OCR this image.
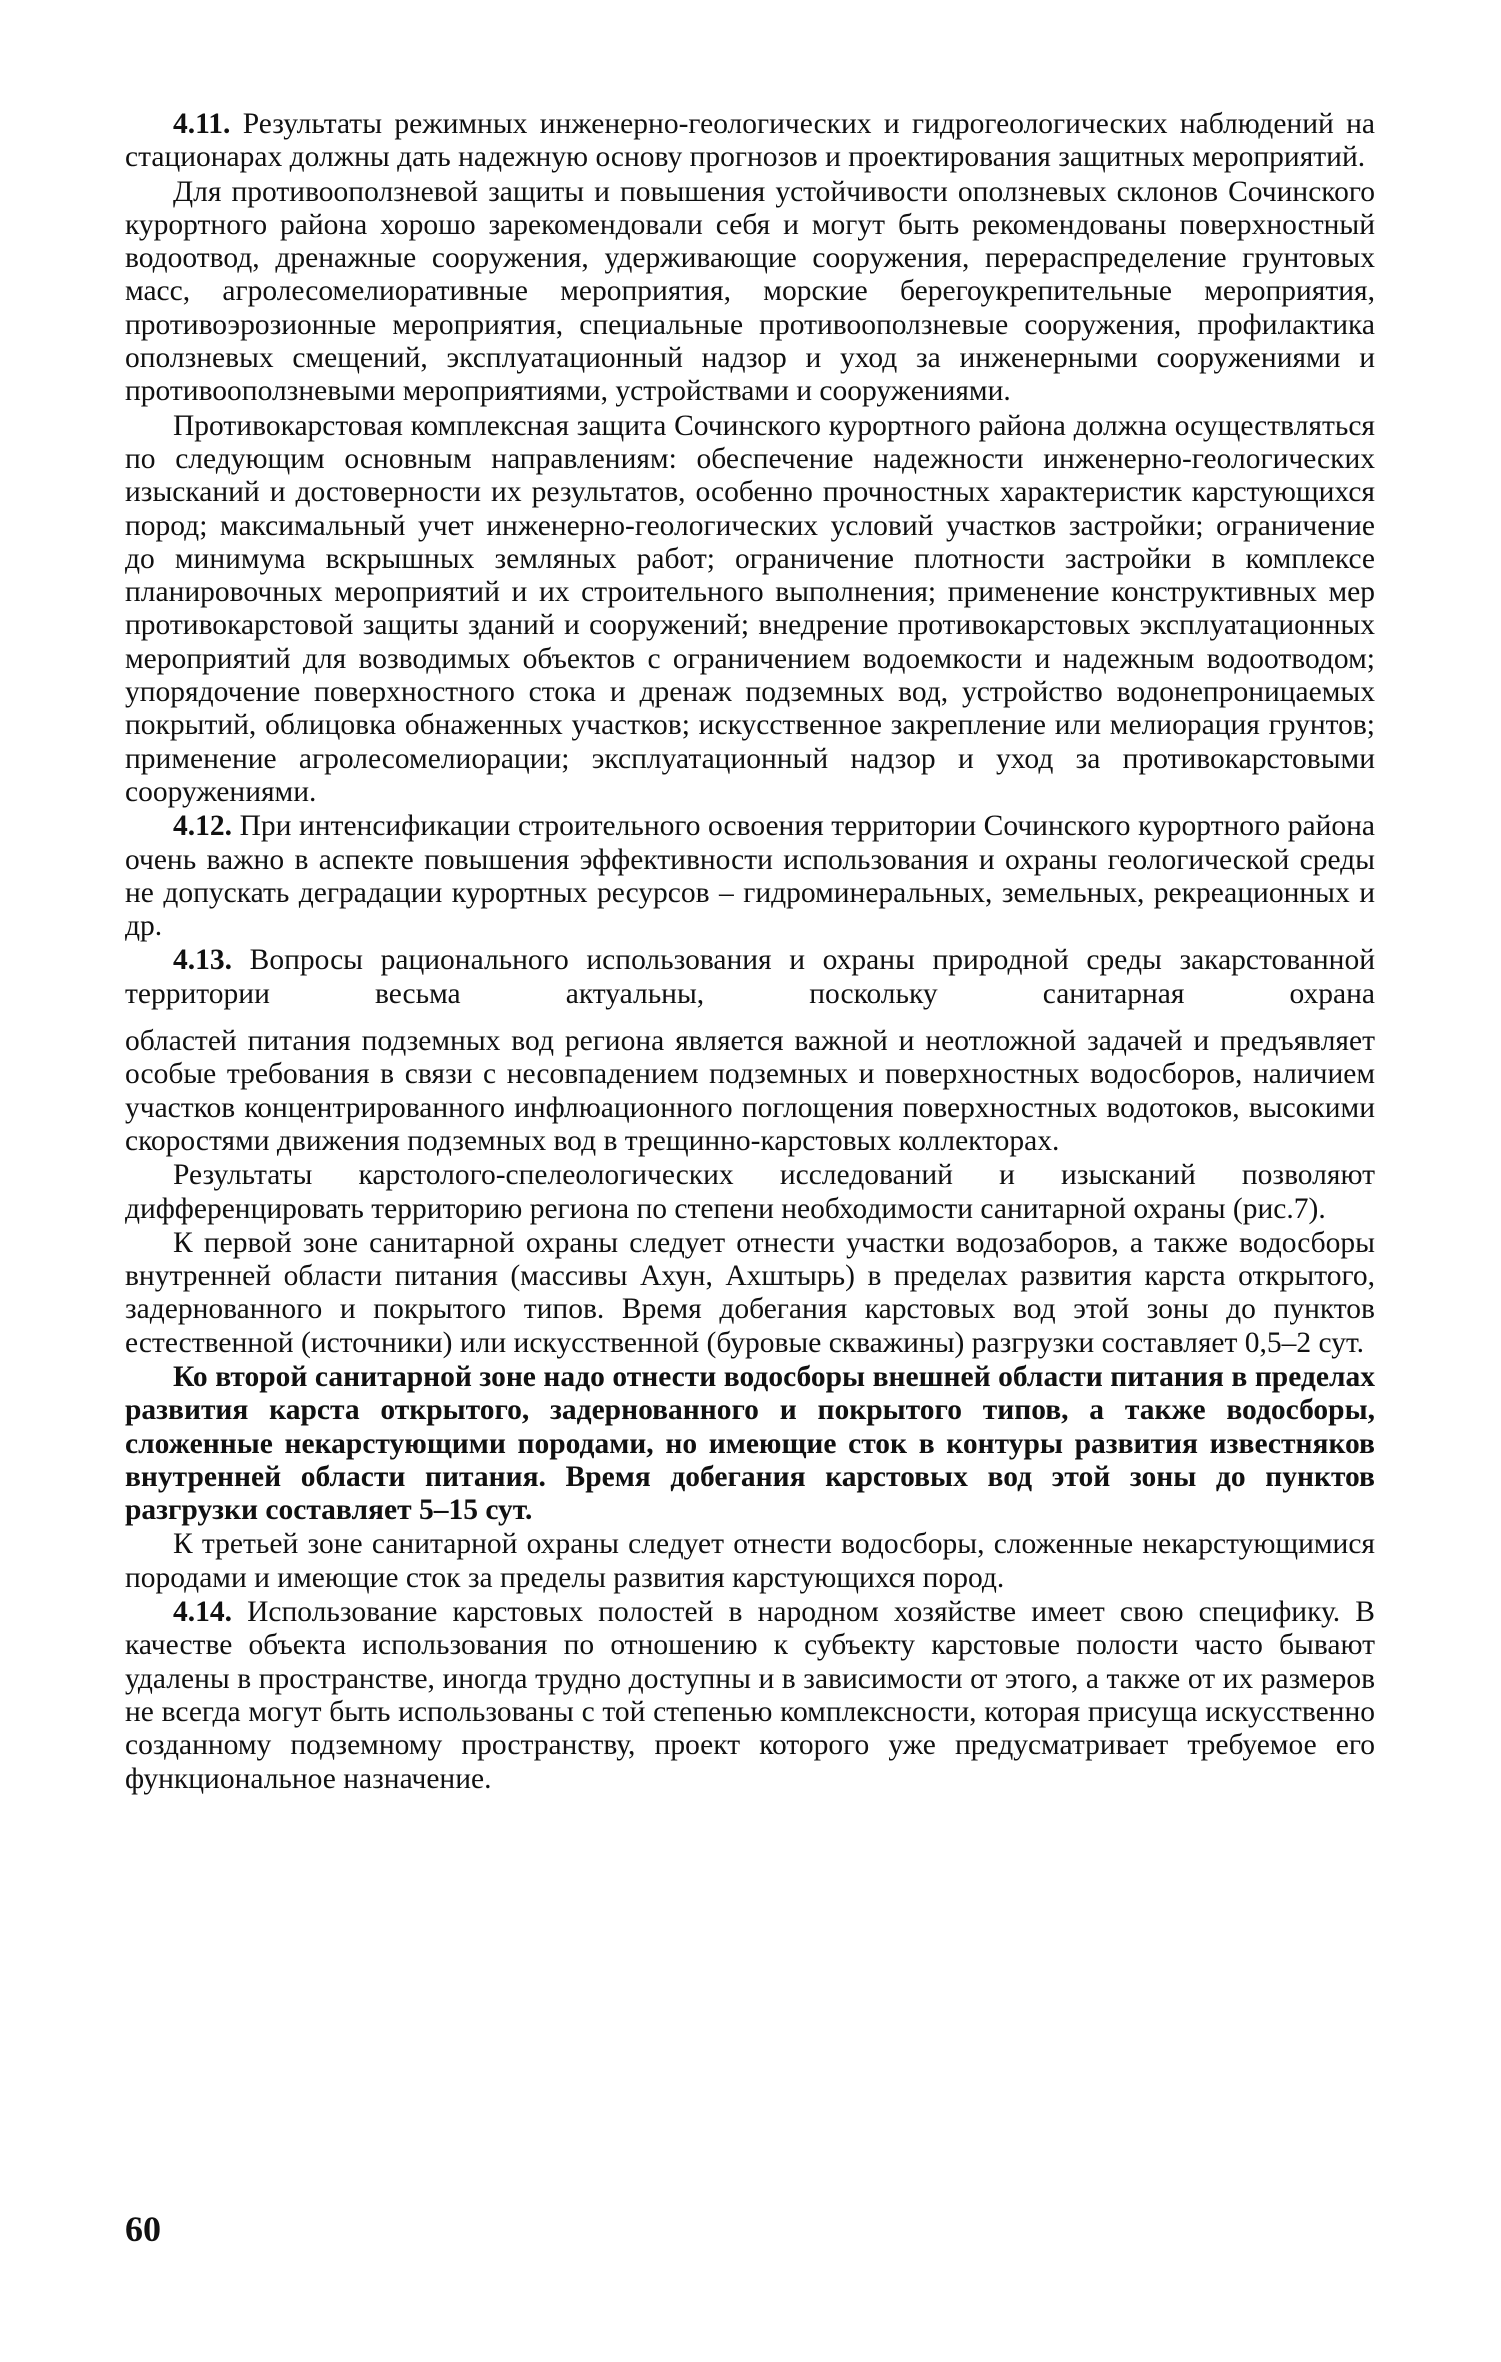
4.11. Результаты режимных инженерно-геологических и гидрогеологических наблюдений на стационарах должны дать надежную основу прогнозов и проектирования защитных мероприятий.

Для противооползневой защиты и повышения устойчивости оползневых склонов Сочинского курортного района хорошо зарекомендовали себя и могут быть рекомендованы поверхностный водоотвод, дренажные сооружения, удерживающие сооружения, перераспределение грунтовых масс, агролесомелиоративные мероприятия, морские берегоукрепительные мероприятия, противоэрозионные мероприятия, специальные противооползневые сооружения, профилактика оползневых смещений, эксплуатационный надзор и уход за инженерными сооружениями и противооползневыми мероприятиями, устройствами и сооружениями.

Противокарстовая комплексная защита Сочинского курортного района должна осуществляться по следующим основным направлениям: обеспечение надежности инженерно-геологических изысканий и достоверности их результатов, особенно прочностных характеристик карстующихся пород; максимальный учет инженерно-геологических условий участков застройки; ограничение до минимума вскрышных земляных работ; ограничение плотности застройки в комплексе планировочных мероприятий и их строительного выполнения; применение конструктивных мер противокарстовой защиты зданий и сооружений; внедрение противокарстовых эксплуатационных мероприятий для возводимых объектов с ограничением водоемкости и надежным водоотводом; упорядочение поверхностного стока и дренаж подземных вод, устройство водонепроницаемых покрытий, облицовка обнаженных участков; искусственное закрепление или мелиорация грунтов; применение агролесомелиорации; эксплуатационный надзор и уход за противокарстовыми сооружениями.

4.12. При интенсификации строительного освоения территории Сочинского курортного района очень важно в аспекте повышения эффективности использования и охраны геологической среды не допускать деградации курортных ресурсов – гидроминеральных, земельных, рекреационных и др.

4.13. Вопросы рационального использования и охраны природной среды закарстованной территории весьма актуальны, поскольку санитарная охрана

областей питания подземных вод региона является важной и неотложной задачей и предъявляет особые требования в связи с несовпадением подземных и поверхностных водосборов, наличием участков концентрированного инфлюационного поглощения поверхностных водотоков, высокими скоростями движения подземных вод в трещинно-карстовых коллекторах.

Результаты карстолого-спелеологических исследований и изысканий позволяют дифференцировать территорию региона по степени необходимости санитарной охраны (рис.7).

К первой зоне санитарной охраны следует отнести участки водозаборов, а также водосборы внутренней области питания (массивы Ахун, Ахштырь) в пределах развития карста открытого, задернованного и покрытого типов. Время добегания карстовых вод этой зоны до пунктов естественной (источники) или искусственной (буровые скважины) разгрузки составляет 0,5–2 сут.

Ко второй санитарной зоне надо отнести водосборы внешней области питания в пределах развития карста открытого, задернованного и покрытого типов, а также водосборы, сложенные некарстующими породами, но имеющие сток в контуры развития известняков внутренней области питания. Время добегания карстовых вод этой зоны до пунктов разгрузки составляет 5–15 сут.

К третьей зоне санитарной охраны следует отнести водосборы, сложенные некарстующимися породами и имеющие сток за пределы развития карстующихся пород.

4.14. Использование карстовых полостей в народном хозяйстве имеет свою специфику. В качестве объекта использования по отношению к субъекту карстовые полости часто бывают удалены в пространстве, иногда трудно доступны и в зависимости от этого, а также от их размеров не всегда могут быть использованы с той степенью комплексности, которая присуща искусственно созданному подземному пространству, проект которого уже предусматривает требуемое его функциональное назначение.

60
